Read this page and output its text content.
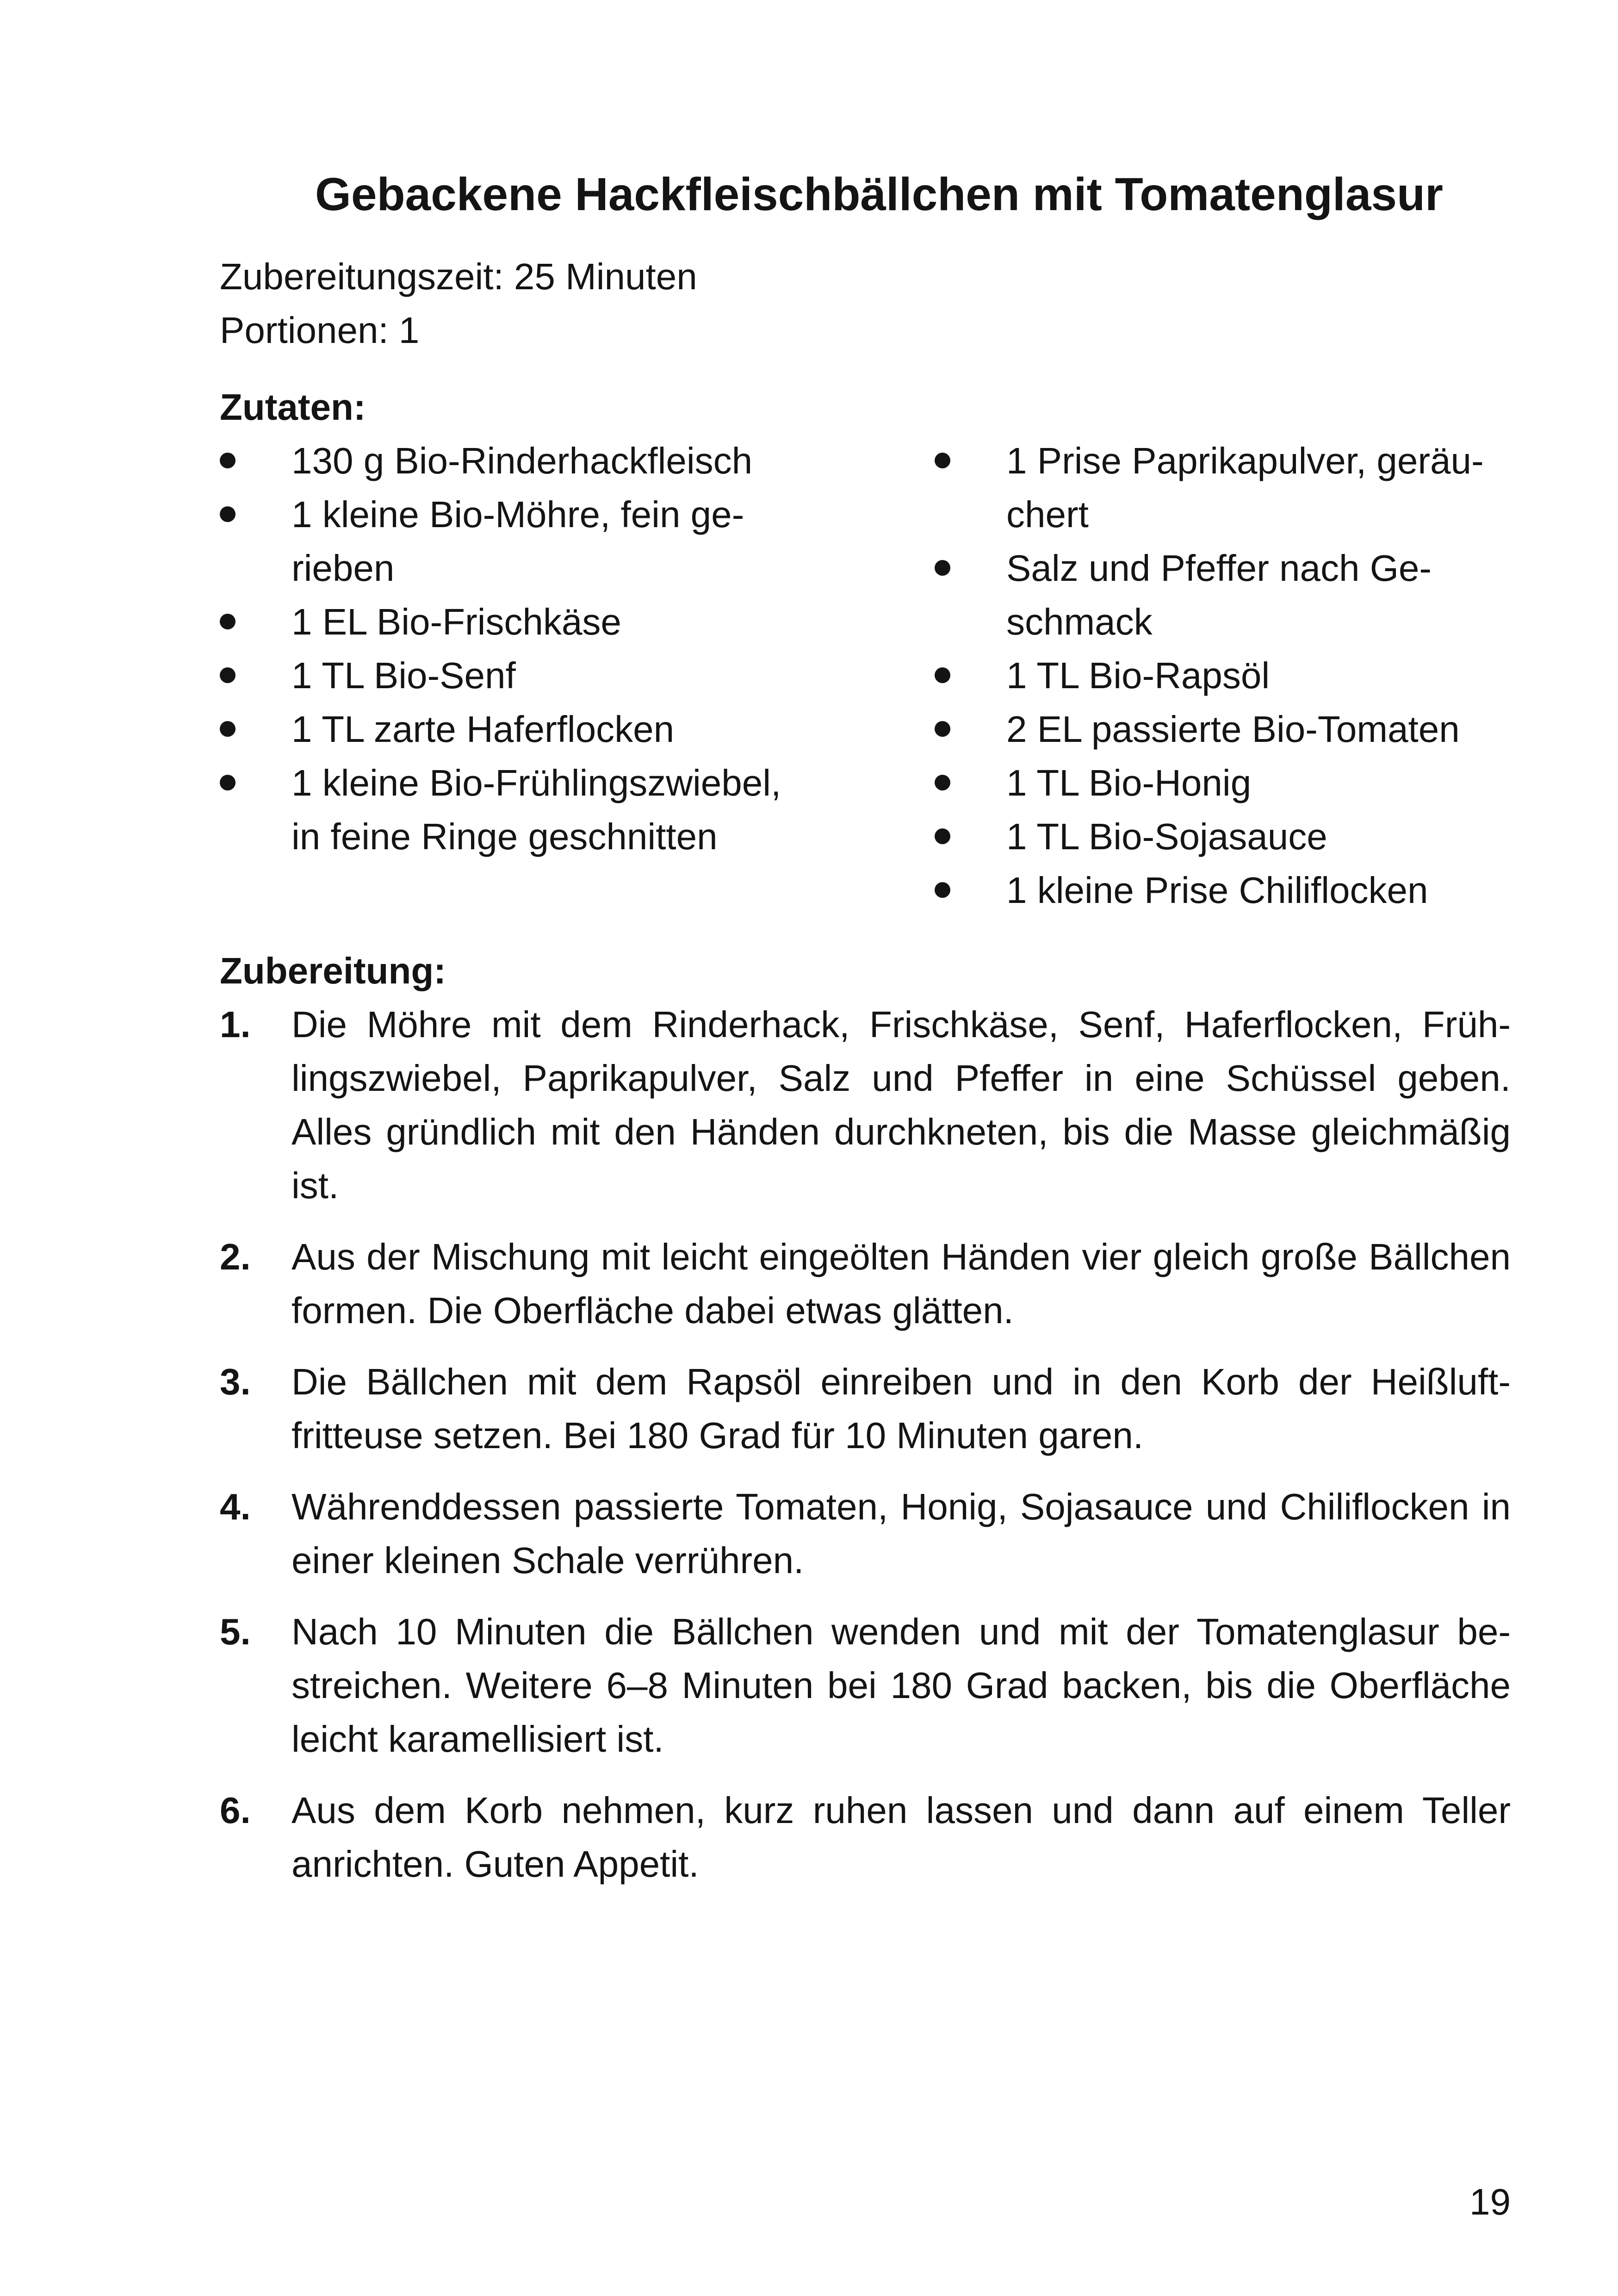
Gebackene Hackfleischbällchen mit Tomatenglasur
Zubereitungszeit: 25 Minuten
Portionen: 1
Zutaten:
130 g Bio-Rinderhackfleisch
1 kleine Bio-Möhre, fein gerieben
1 EL Bio-Frischkäse
1 TL Bio-Senf
1 TL zarte Haferflocken
1 kleine Bio-Frühlingszwiebel, in feine Ringe geschnitten
1 Prise Paprikapulver, geräuchert
Salz und Pfeffer nach Geschmack
1 TL Bio-Rapsöl
2 EL passierte Bio-Tomaten
1 TL Bio-Honig
1 TL Bio-Sojasauce
1 kleine Prise Chiliflocken
Zubereitung:
1. Die Möhre mit dem Rinderhack, Frischkäse, Senf, Haferflocken, Frühlingszwiebel, Paprikapulver, Salz und Pfeffer in eine Schüssel geben. Alles gründlich mit den Händen durchkneten, bis die Masse gleichmäßig ist.
2. Aus der Mischung mit leicht eingeölten Händen vier gleich große Bällchen formen. Die Oberfläche dabei etwas glätten.
3. Die Bällchen mit dem Rapsöl einreiben und in den Korb der Heißluftfritteuse setzen. Bei 180 Grad für 10 Minuten garen.
4. Währenddessen passierte Tomaten, Honig, Sojasauce und Chiliflocken in einer kleinen Schale verrühren.
5. Nach 10 Minuten die Bällchen wenden und mit der Tomatenglasur bestreichen. Weitere 6–8 Minuten bei 180 Grad backen, bis die Oberfläche leicht karamellisiert ist.
6. Aus dem Korb nehmen, kurz ruhen lassen und dann auf einem Teller anrichten. Guten Appetit.
19
